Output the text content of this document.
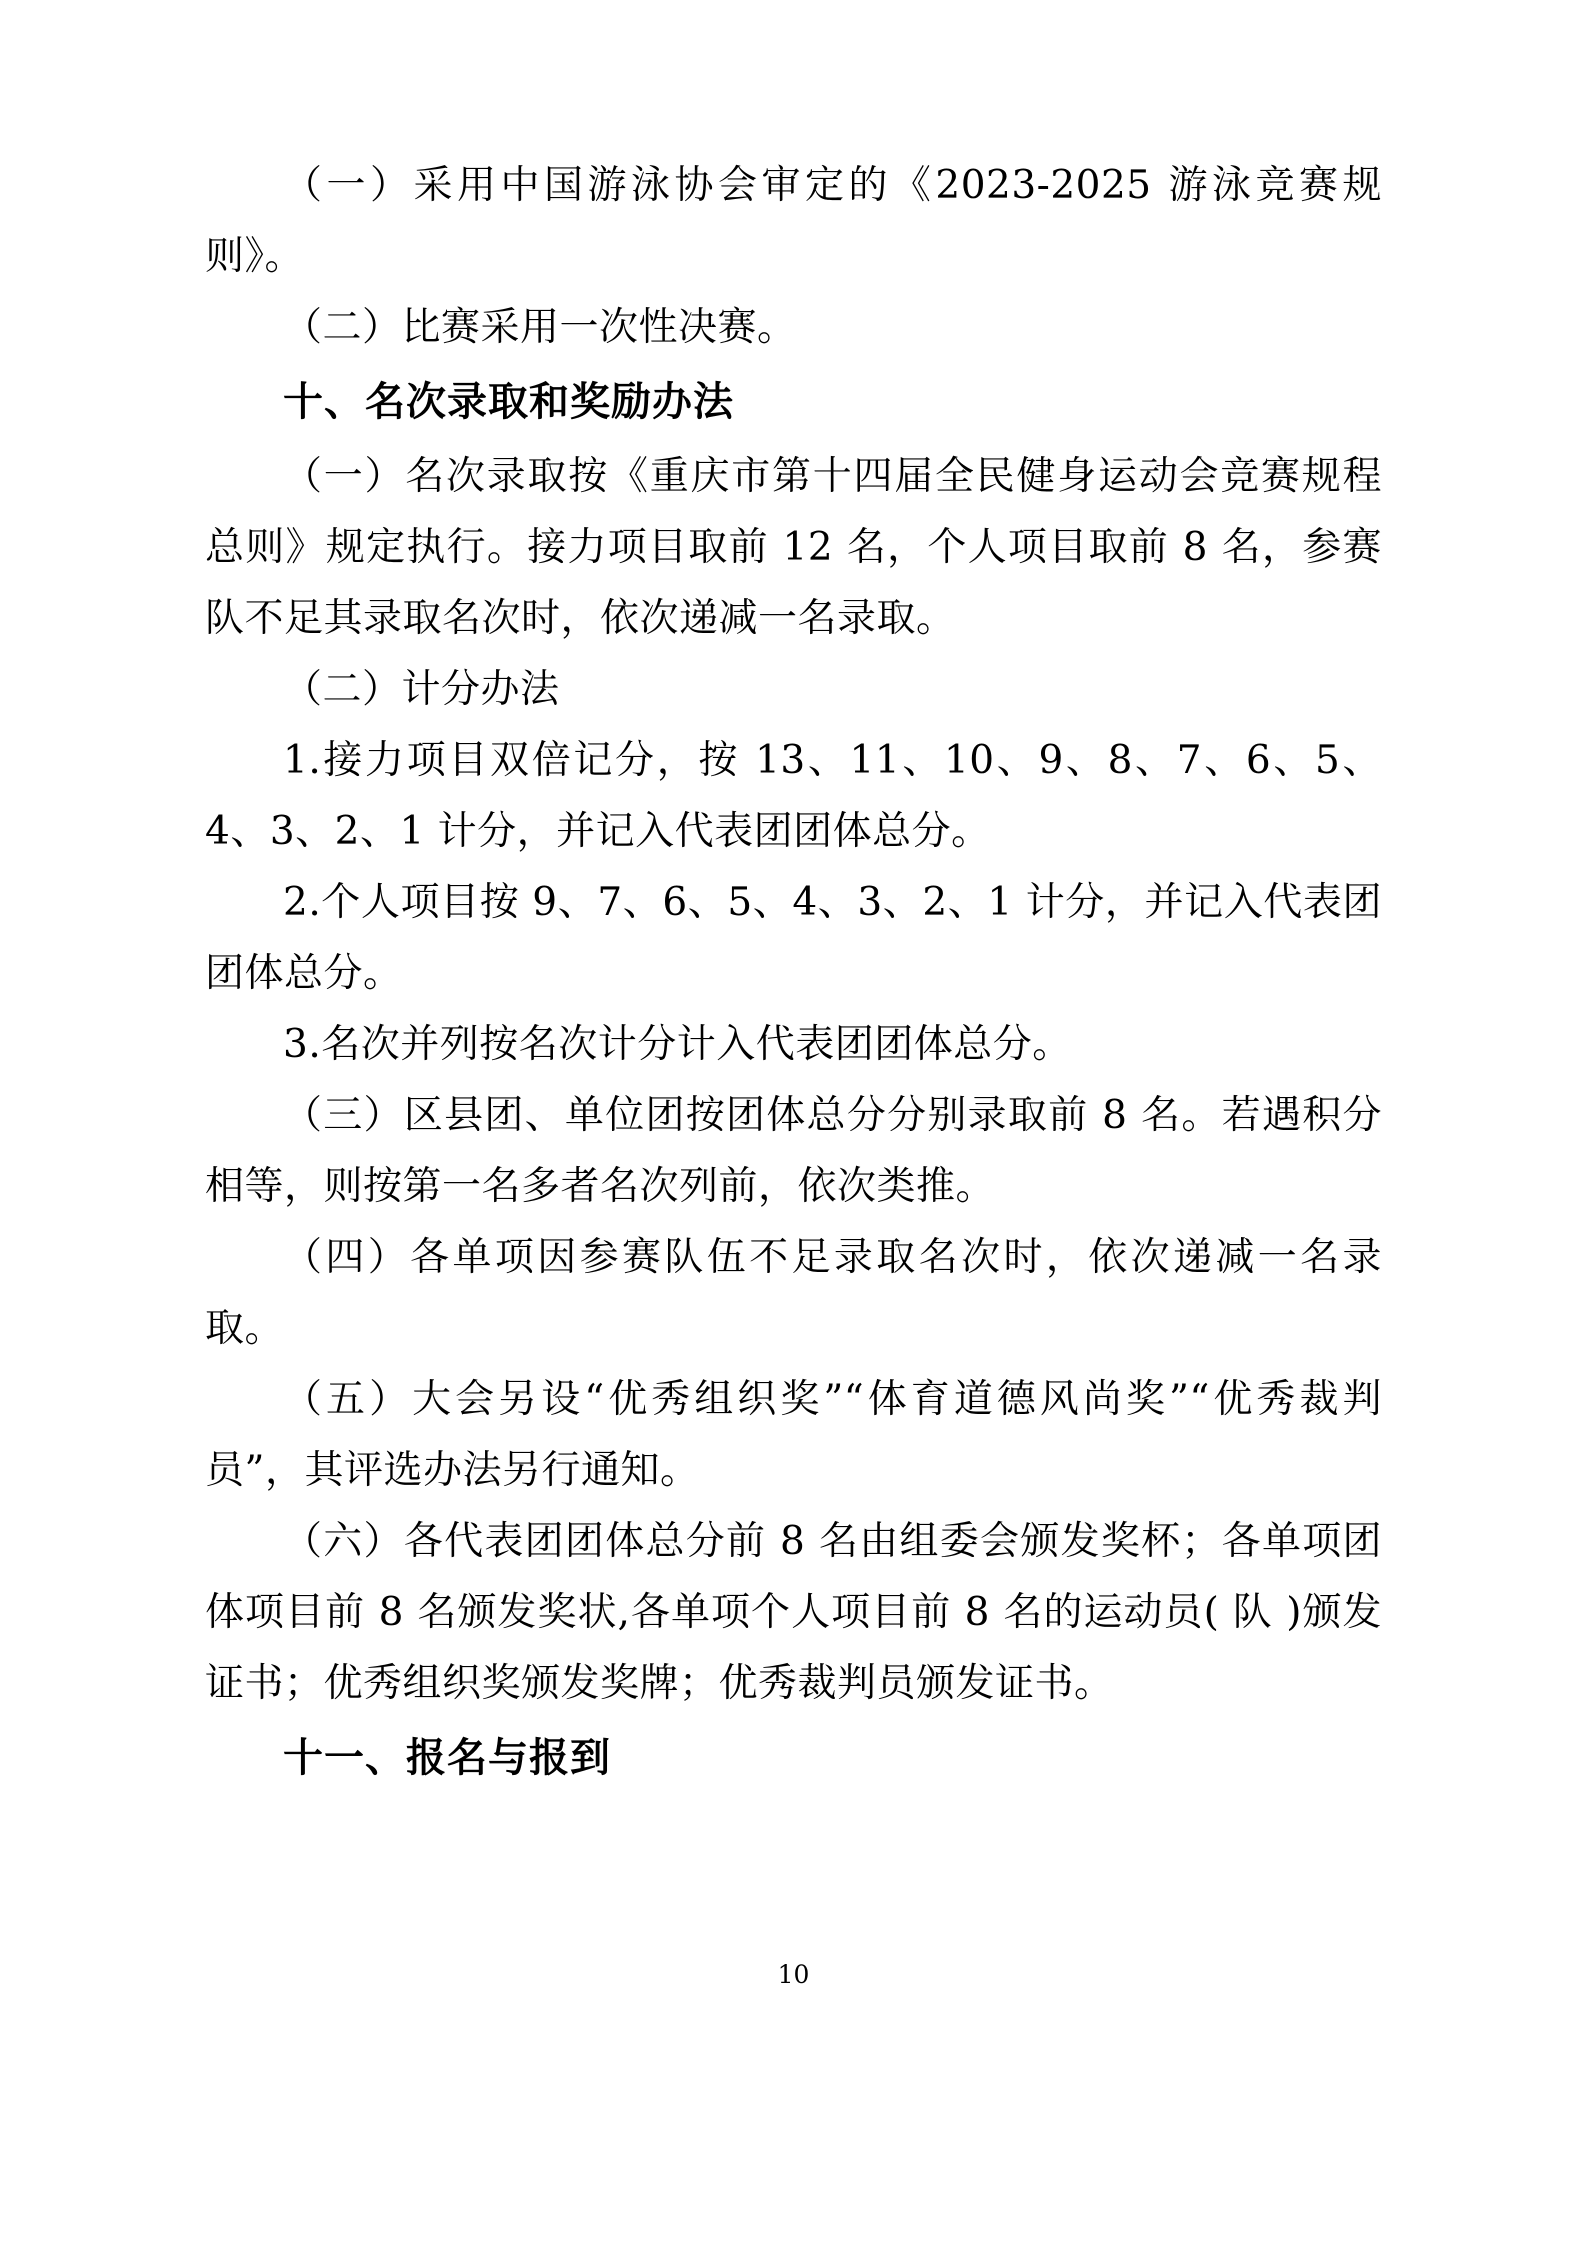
（一）采用中国游泳协会审定的《2023-2025 游泳竞赛规则》。

（二）比赛采用一次性决赛。

十、名次录取和奖励办法

（一）名次录取按《重庆市第十四届全民健身运动会竞赛规程总则》规定执行。接力项目取前 12 名，个人项目取前 8 名，参赛队不足其录取名次时，依次递减一名录取。

（二）计分办法

1.接力项目双倍记分，按 13、11、10、9、8、7、6、5、4、3、2、1 计分，并记入代表团团体总分。

2.个人项目按 9、7、6、5、4、3、2、1 计分，并记入代表团团体总分。

3.名次并列按名次计分计入代表团团体总分。

（三）区县团、单位团按团体总分分别录取前 8 名。若遇积分相等，则按第一名多者名次列前，依次类推。

（四）各单项因参赛队伍不足录取名次时，依次递减一名录取。

（五）大会另设“优秀组织奖”“体育道德风尚奖”“优秀裁判员”，其评选办法另行通知。

（六）各代表团团体总分前 8 名由组委会颁发奖杯；各单项团体项目前 8 名颁发奖状,各单项个人项目前 8 名的运动员( 队 )颁发证书；优秀组织奖颁发奖牌；优秀裁判员颁发证书。

十一、报名与报到
10
